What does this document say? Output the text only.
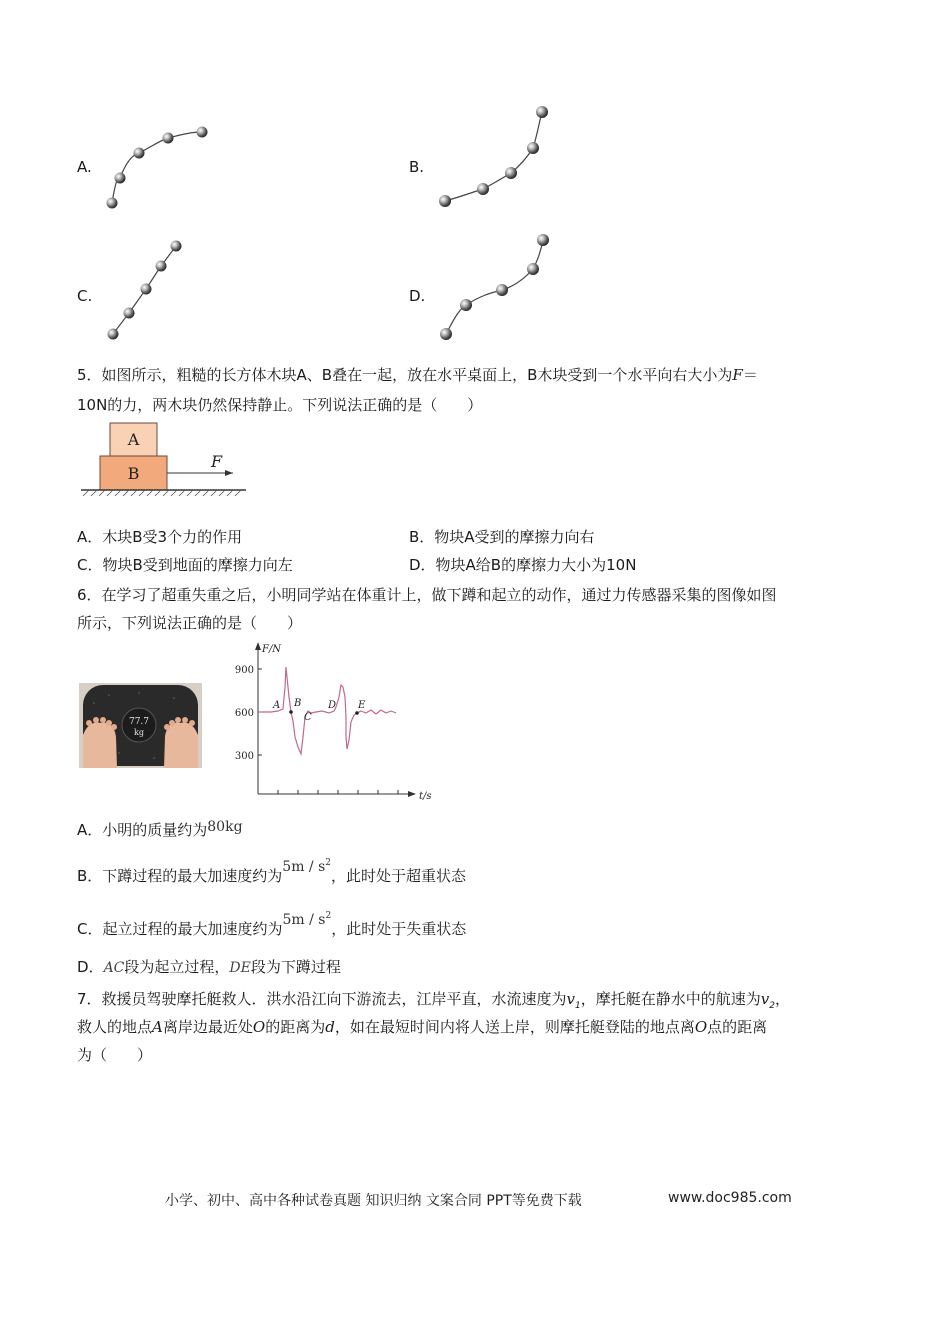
A.	B.
C.	D.
5．如图所示，粗糙的长方体木块A、B叠在一起，放在水平桌面上，B木块受到一个水平向右大小为F＝
10N的力，两木块仍然保持静止。下列说法正确的是（　　）
A
B
F
A．木块B受3个力的作用	B．物块A受到的摩擦力向右
C．物块B受到地面的摩擦力向左	D．物块A给B的摩擦力大小为10N
6．在学习了超重失重之后，小明同学站在体重计上，做下蹲和起立的动作，通过力传感器采集的图像如图
所示，下列说法正确的是（　　）
77.7
kg
F/N
t/s
900
600
300
A B
C
D E
A．小明的质量约为80kg
B．下蹲过程的最大加速度约为$5m / s^2$，此时处于超重状态
C．起立过程的最大加速度约为$5m / s^2$，此时处于失重状态
D．AC段为起立过程，DE段为下蹲过程
7．救援员驾驶摩托艇救人．洪水沿江向下游流去，江岸平直，水流速度为$v_1$，摩托艇在静水中的航速为$v_2$，
救人的地点A离岸边最近处O的距离为d，如在最短时间内将人送上岸，则摩托艇登陆的地点离O点的距离
为（　　）
小学、初中、高中各种试卷真题 知识归纳 文案合同 PPT等免费下载	www.doc985.com
